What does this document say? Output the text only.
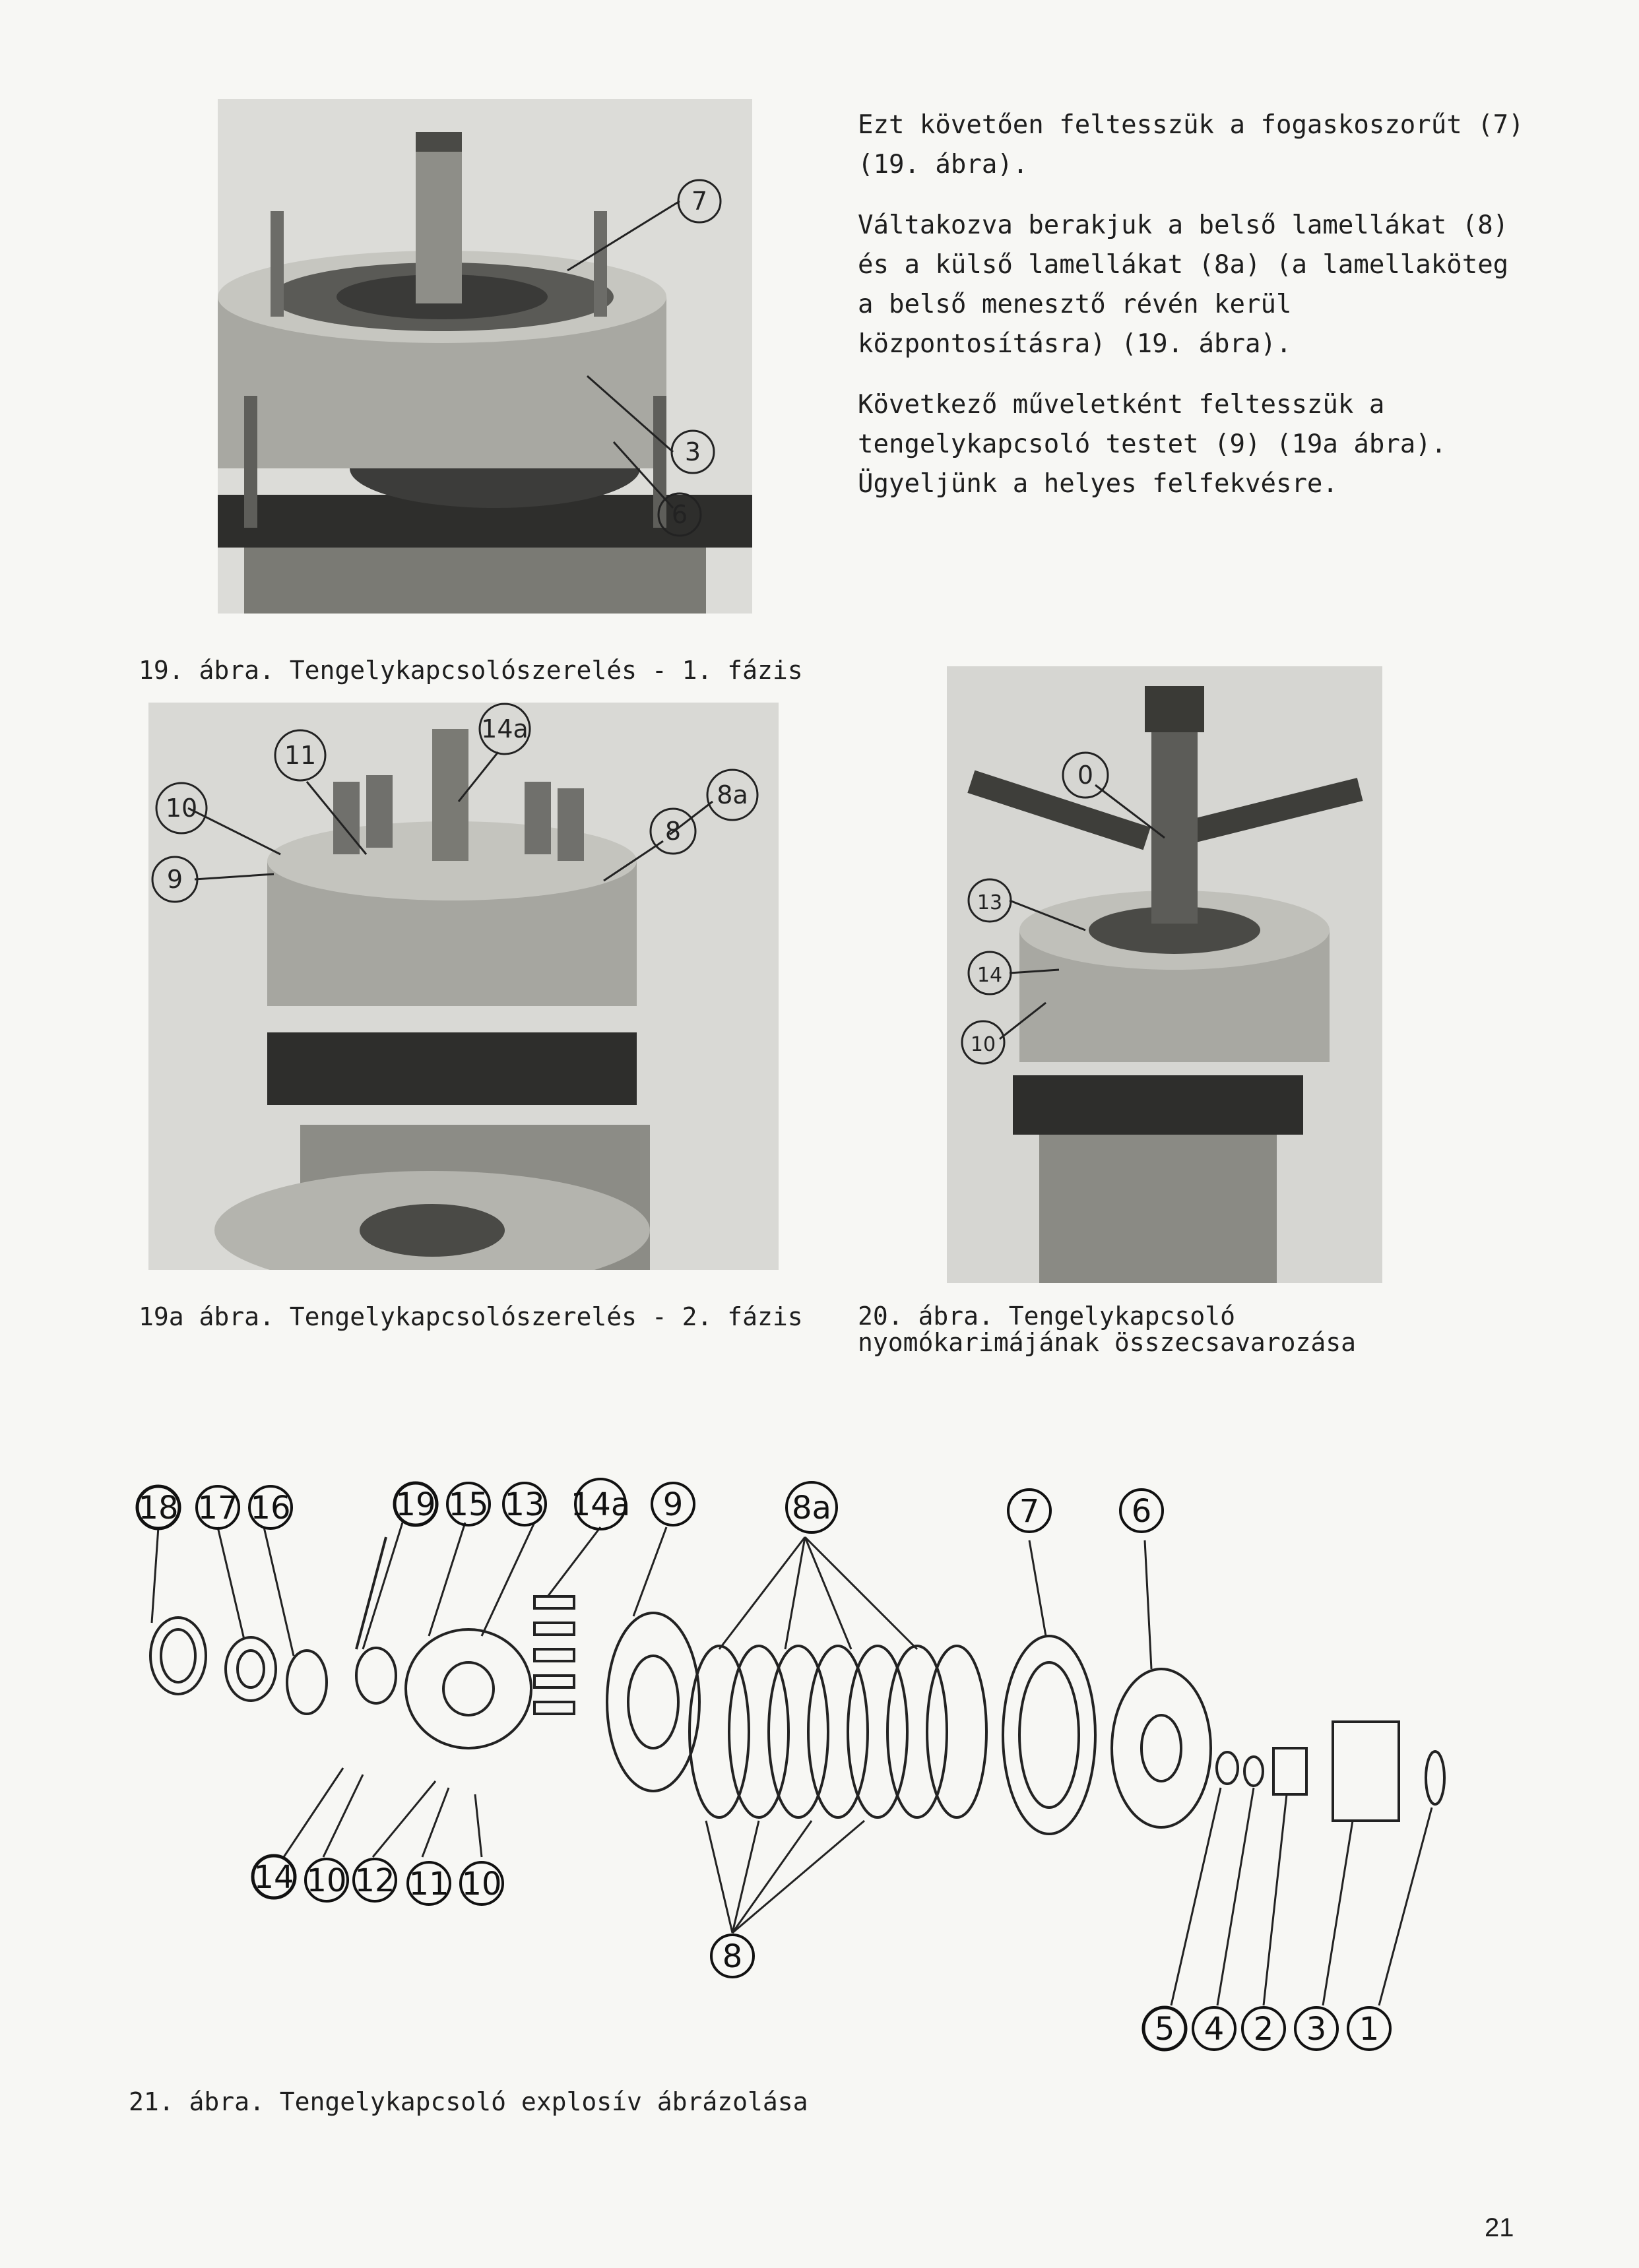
Ezt követően feltesszük a fogaskoszorűt (7) (19. ábra).

Váltakozva berakjuk a belső lamellákat (8) és a külső lamellákat (8a) (a lamellaköteg a belső menesztő révén kerül központosításra) (19. ábra).

Következő műveletként feltesszük a tengelykapcsoló testet (9) (19a ábra). Ügyeljünk a helyes felfekvésre.

7
3
6
19. ábra. Tengelykapcsolószerelés - 1. fázis
11
14a
10
9
8
8a
19a ábra. Tengelykapcsolószerelés - 2. fázis
0
13
14
10
20. ábra. Tengelykapcsoló nyomókarimájának összecsavarozása
18 17 16	19 15 13 14a 9	8a	7	6
14 10 12 11 10
8
5 4 2 3 1
21. ábra. Tengelykapcsoló explosív ábrázolása
21
